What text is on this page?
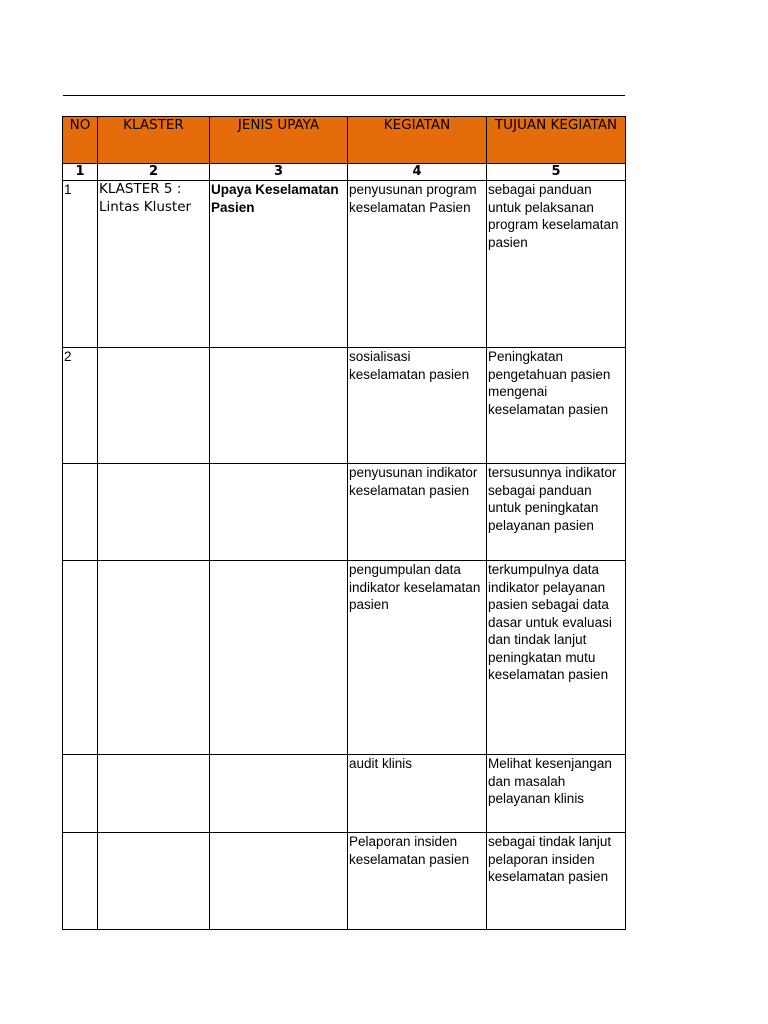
NO	KLASTER	JENIS UPAYA	KEGIATAN	TUJUAN KEGIATAN
1	2	3	4	5
1	KLASTER 5 : Lintas Kluster	Upaya Keselamatan Pasien	penyusunan program keselamatan Pasien	sebagai panduan untuk pelaksanan program keselamatan pasien
2			sosialisasi keselamatan pasien	Peningkatan pengetahuan pasien mengenai keselamatan pasien
			penyusunan indikator keselamatan pasien	tersusunnya indikator sebagai panduan untuk peningkatan pelayanan pasien
			pengumpulan data indikator keselamatan pasien	terkumpulnya data indikator pelayanan pasien sebagai data dasar untuk evaluasi dan tindak lanjut peningkatan mutu keselamatan pasien
			audit klinis	Melihat kesenjangan dan masalah pelayanan klinis
			Pelaporan insiden keselamatan pasien	sebagai tindak lanjut pelaporan insiden keselamatan pasien
